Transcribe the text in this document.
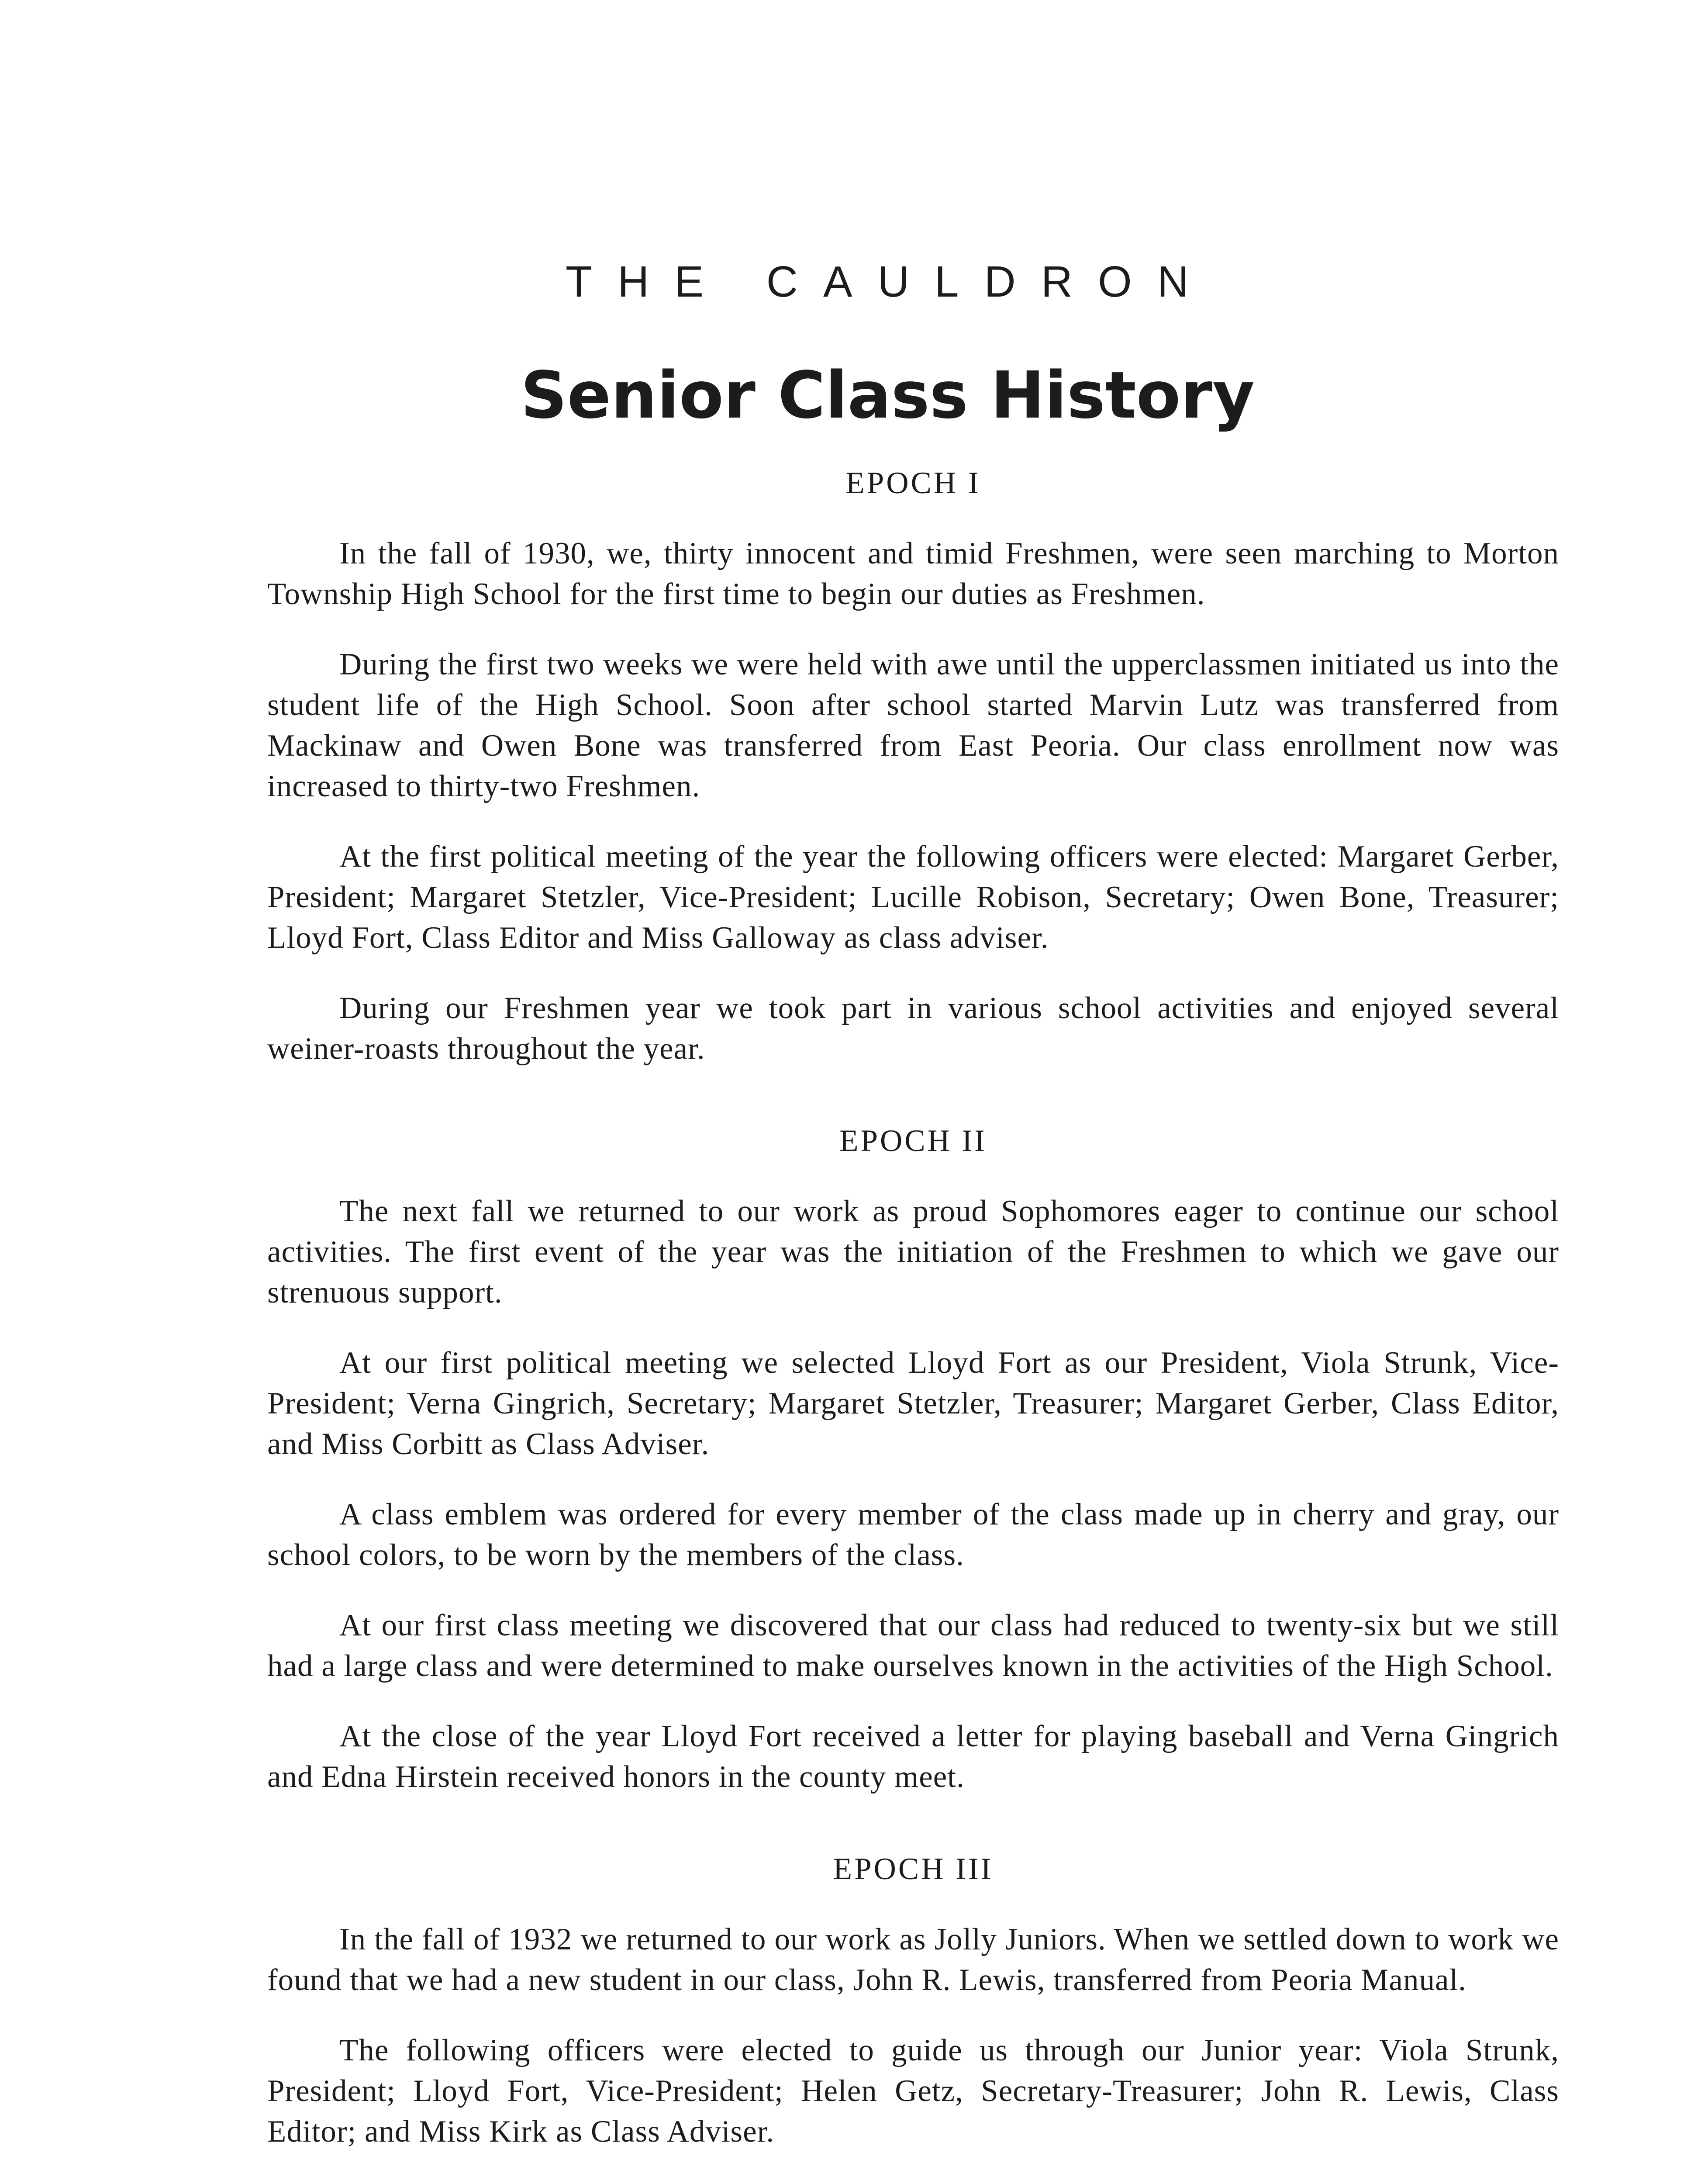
THE CAULDRON
Senior Class History
EPOCH I

In the fall of 1930, we, thirty innocent and timid Freshmen, were seen marching to Morton Township High School for the first time to begin our duties as Freshmen.

During the first two weeks we were held with awe until the upperclassmen initiated us into the student life of the High School. Soon after school started Marvin Lutz was transferred from Mackinaw and Owen Bone was transferred from East Peoria. Our class enrollment now was increased to thirty-two Freshmen.

At the first political meeting of the year the following officers were elected: Margaret Gerber, President; Margaret Stetzler, Vice-President; Lucille Robison, Secretary; Owen Bone, Treasurer; Lloyd Fort, Class Editor and Miss Galloway as class adviser.

During our Freshmen year we took part in various school activities and enjoyed several weiner-roasts throughout the year.

EPOCH II

The next fall we returned to our work as proud Sophomores eager to continue our school activities. The first event of the year was the initiation of the Freshmen to which we gave our strenuous support.

At our first political meeting we selected Lloyd Fort as our President, Viola Strunk, Vice-President; Verna Gingrich, Secretary; Margaret Stetzler, Treasurer; Margaret Gerber, Class Editor, and Miss Corbitt as Class Adviser.

A class emblem was ordered for every member of the class made up in cherry and gray, our school colors, to be worn by the members of the class.

At our first class meeting we discovered that our class had reduced to twenty-six but we still had a large class and were determined to make ourselves known in the activities of the High School.

At the close of the year Lloyd Fort received a letter for playing baseball and Verna Gingrich and Edna Hirstein received honors in the county meet.

EPOCH III

In the fall of 1932 we returned to our work as Jolly Juniors. When we settled down to work we found that we had a new student in our class, John R. Lewis, transferred from Peoria Manual.

The following officers were elected to guide us through our Junior year: Viola Strunk, President; Lloyd Fort, Vice-President; Helen Getz, Secretary-Treasurer; John R. Lewis, Class Editor; and Miss Kirk as Class Adviser.
